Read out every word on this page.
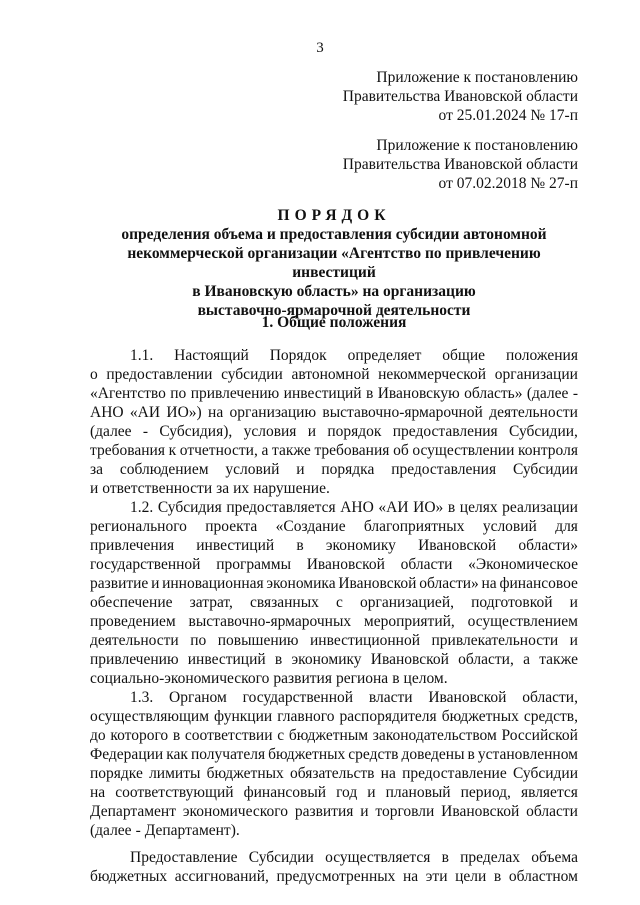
3
Приложение к постановлению
Правительства Ивановской области
от 25.01.2024 № 17-п
Приложение к постановлению
Правительства Ивановской области
от 07.02.2018 № 27-п
ПОРЯДОК
определения объема и предоставления субсидии автономной
некоммерческой организации «Агентство по привлечению инвестиций
в Ивановскую область» на организацию
выставочно-ярмарочной деятельности
1. Общие положения
1.1. Настоящий Порядок определяет общие положения
о предоставлении субсидии автономной некоммерческой организации
«Агентство по привлечению инвестиций в Ивановскую область» (далее -
АНО «АИ ИО») на организацию выставочно-ярмарочной деятельности
(далее - Субсидия), условия и порядок предоставления Субсидии,
требования к отчетности, а также требования об осуществлении контроля
за соблюдением условий и порядка предоставления Субсидии
и ответственности за их нарушение.
1.2. Субсидия предоставляется АНО «АИ ИО» в целях реализации
регионального проекта «Создание благоприятных условий для
привлечения инвестиций в экономику Ивановской области»
государственной программы Ивановской области «Экономическое
развитие и инновационная экономика Ивановской области» на финансовое
обеспечение затрат, связанных с организацией, подготовкой и
проведением выставочно-ярмарочных мероприятий, осуществлением
деятельности по повышению инвестиционной привлекательности и
привлечению инвестиций в экономику Ивановской области, а также
социально-экономического развития региона в целом.
1.3. Органом государственной власти Ивановской области,
осуществляющим функции главного распорядителя бюджетных средств,
до которого в соответствии с бюджетным законодательством Российской
Федерации как получателя бюджетных средств доведены в установленном
порядке лимиты бюджетных обязательств на предоставление Субсидии
на соответствующий финансовый год и плановый период, является
Департамент экономического развития и торговли Ивановской области
(далее - Департамент).
Предоставление Субсидии осуществляется в пределах объема
бюджетных ассигнований, предусмотренных на эти цели в областном
